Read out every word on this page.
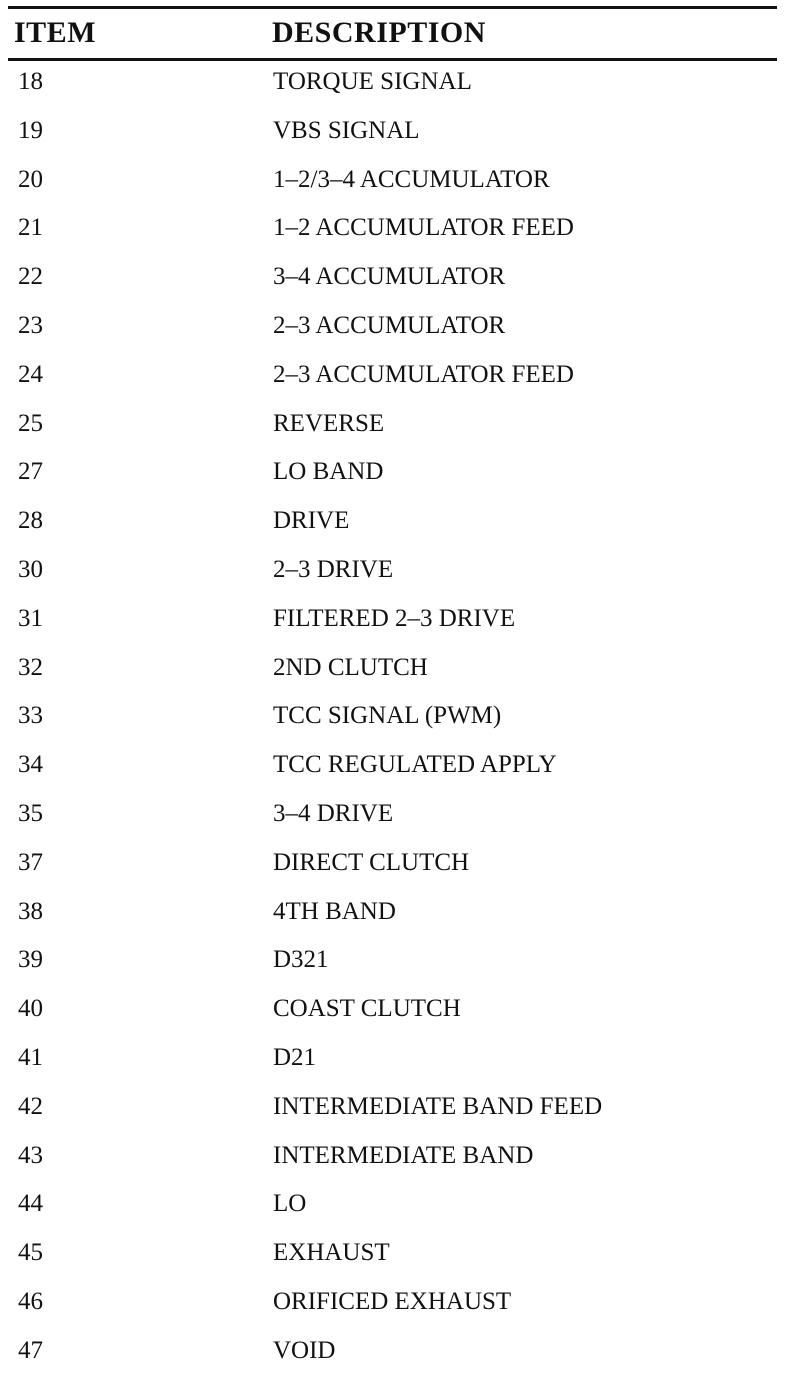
ITEM	DESCRIPTION
18	TORQUE SIGNAL
19	VBS SIGNAL
20	1–2/3–4 ACCUMULATOR
21	1–2 ACCUMULATOR FEED
22	3–4 ACCUMULATOR
23	2–3 ACCUMULATOR
24	2–3 ACCUMULATOR FEED
25	REVERSE
27	LO BAND
28	DRIVE
30	2–3 DRIVE
31	FILTERED 2–3 DRIVE
32	2ND CLUTCH
33	TCC SIGNAL (PWM)
34	TCC REGULATED APPLY
35	3–4 DRIVE
37	DIRECT CLUTCH
38	4TH BAND
39	D321
40	COAST CLUTCH
41	D21
42	INTERMEDIATE BAND FEED
43	INTERMEDIATE BAND
44	LO
45	EXHAUST
46	ORIFICED EXHAUST
47	VOID
